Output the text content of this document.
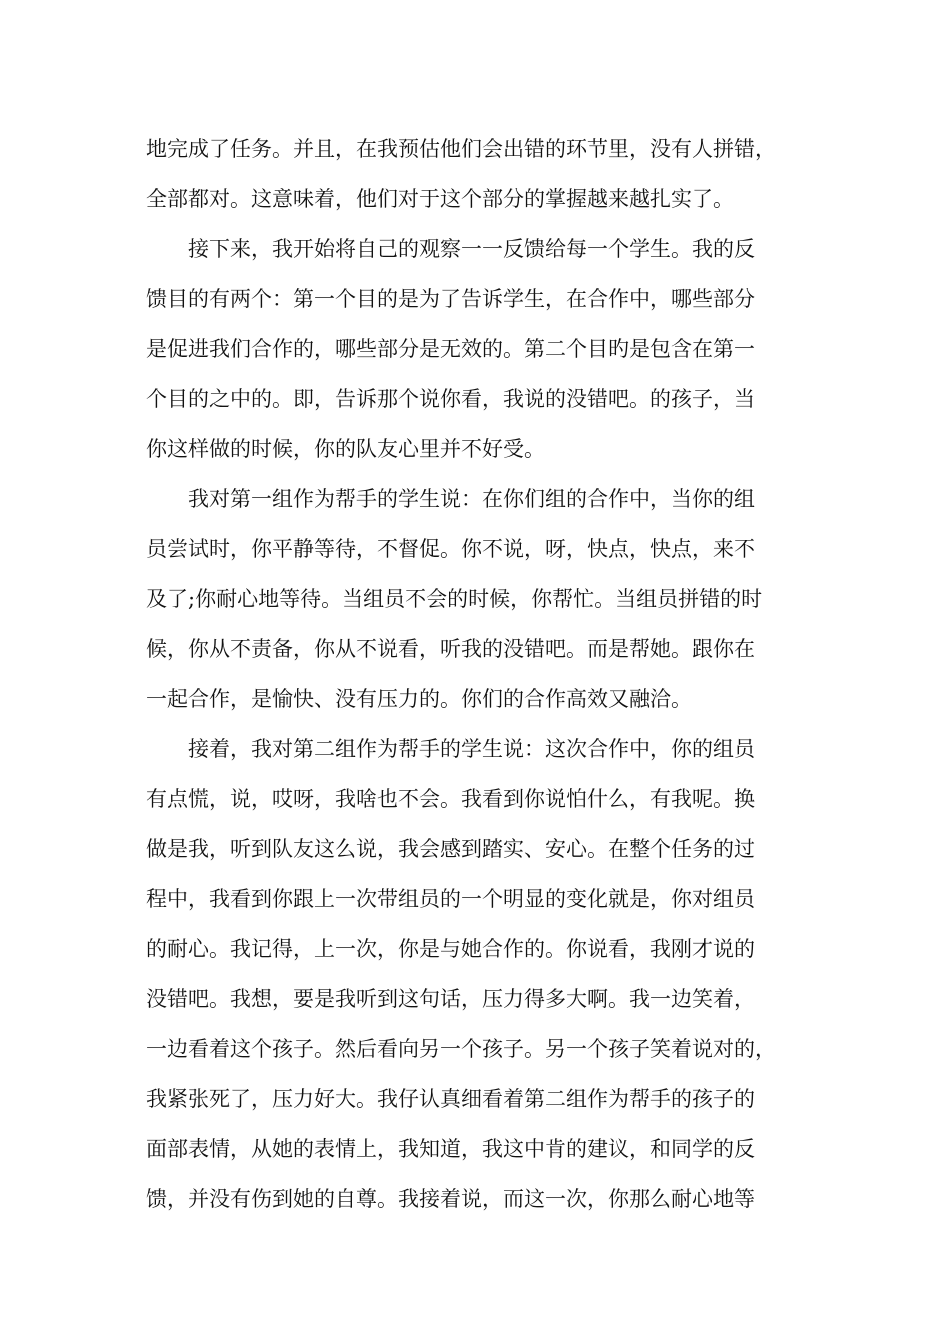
地完成了任务。并且，在我预估他们会出错的环节里，没有人拼错，
全部都对。这意味着，他们对于这个部分的掌握越来越扎实了。
接下来，我开始将自己的观察一一反馈给每一个学生。我的反
馈目的有两个：第一个目的是为了告诉学生，在合作中，哪些部分
是促进我们合作的，哪些部分是无效的。第二个目旳是包含在第一
个目的之中的。即，告诉那个说你看，我说的没错吧。的孩子，当
你这样做的时候，你的队友心里并不好受。
我对第一组作为帮手的学生说：在你们组的合作中，当你的组
员尝试时，你平静等待，不督促。你不说，呀，快点，快点，来不
及了;你耐心地等待。当组员不会的时候，你帮忙。当组员拼错的时
候，你从不责备，你从不说看，听我的没错吧。而是帮她。跟你在
一起合作，是愉快、没有压力的。你们的合作高效又融洽。
接着，我对第二组作为帮手的学生说：这次合作中，你的组员
有点慌，说，哎呀，我啥也不会。我看到你说怕什么，有我呢。换
做是我，听到队友这么说，我会感到踏实、安心。在整个任务的过
程中，我看到你跟上一次带组员的一个明显的变化就是，你对组员
的耐心。我记得，上一次，你是与她合作的。你说看，我刚才说的
没错吧。我想，要是我听到这句话，压力得多大啊。我一边笑着，
一边看着这个孩子。然后看向另一个孩子。另一个孩子笑着说对的，
我紧张死了，压力好大。我仔认真细看着第二组作为帮手的孩子的
面部表情，从她的表情上，我知道，我这中肯的建议，和同学的反
馈，并没有伤到她的自尊。我接着说，而这一次，你那么耐心地等
